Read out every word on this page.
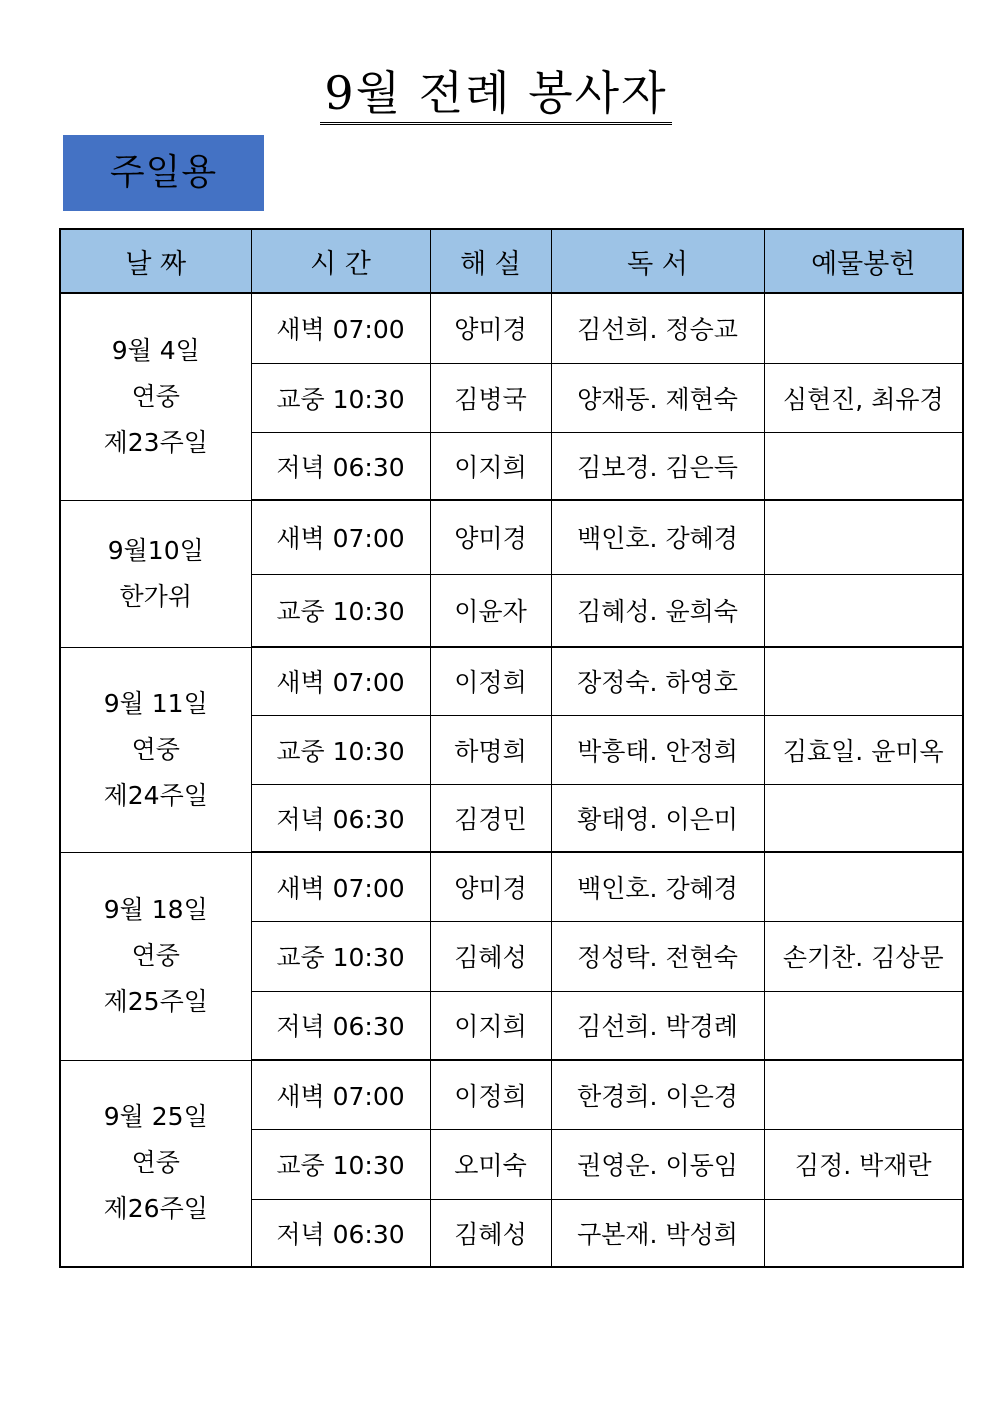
9월 전례 봉사자
주일용
날 짜	시 간	해 설	독 서	예물봉헌

9월 4일
연중
제23주일	새벽 07:00	양미경	김선희. 정승교	
	교중 10:30	김병국	양재동. 제현숙	심현진, 최유경
	저녁 06:30	이지희	김보경. 김은득	

9월10일
한가위	새벽 07:00	양미경	백인호. 강혜경	
	교중 10:30	이윤자	김혜성. 윤희숙	

9월 11일
연중
제24주일	새벽 07:00	이정희	장정숙. 하영호	
	교중 10:30	하명희	박흥태. 안정희	김효일. 윤미옥
	저녁 06:30	김경민	황태영. 이은미	

9월 18일
연중
제25주일	새벽 07:00	양미경	백인호. 강혜경	
	교중 10:30	김혜성	정성탁. 전현숙	손기찬. 김상문
	저녁 06:30	이지희	김선희. 박경례	

9월 25일
연중
제26주일	새벽 07:00	이정희	한경희. 이은경	
	교중 10:30	오미숙	권영운. 이동임	김정. 박재란
	저녁 06:30	김혜성	구본재. 박성희	
